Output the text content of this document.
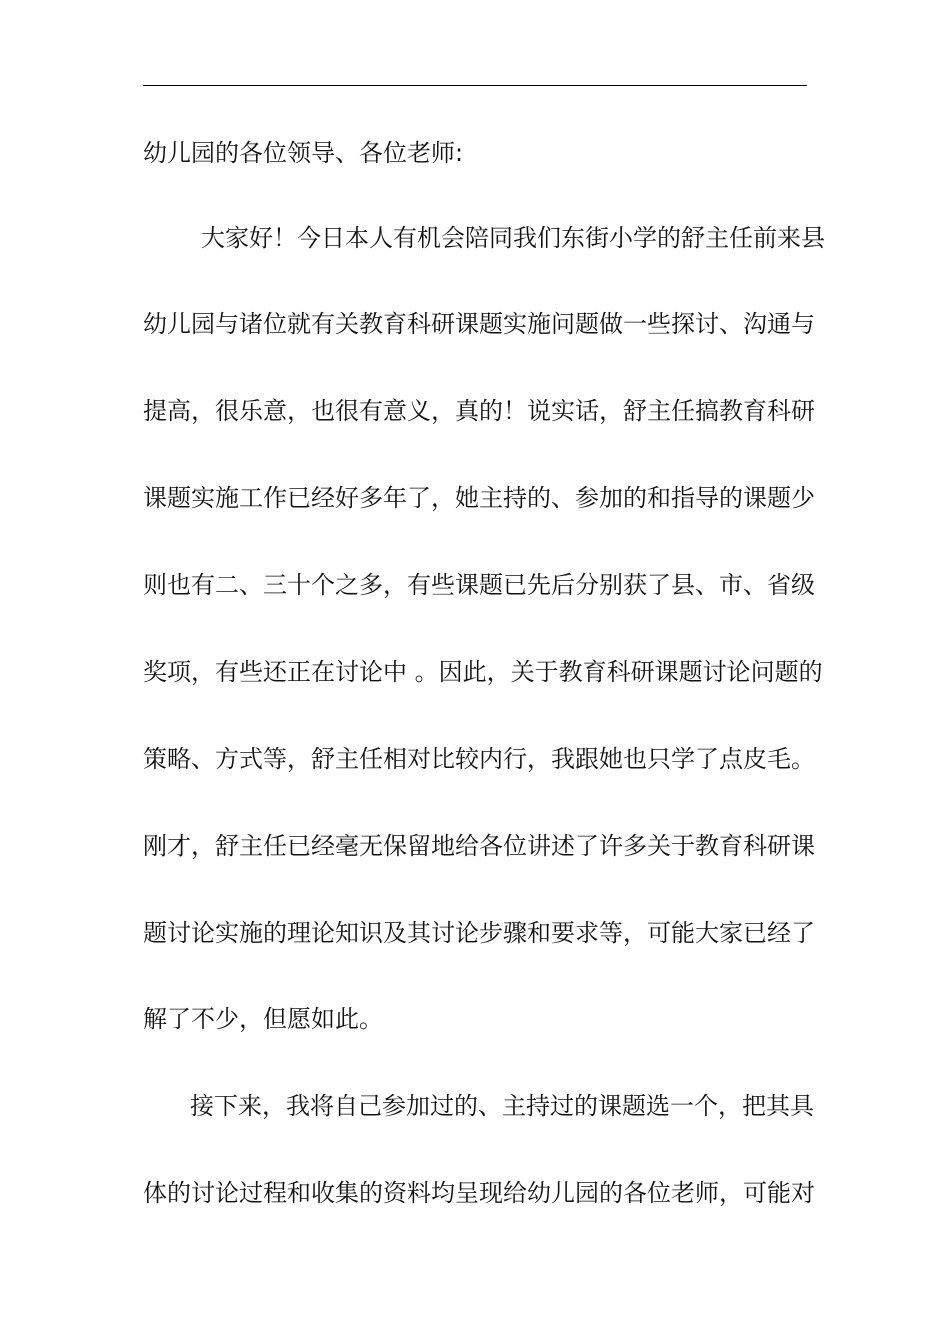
幼儿园的各位领导、各位老师:
大家好！今日本人有机会陪同我们东街小学的舒主任前来县
幼儿园与诸位就有关教育科研课题实施问题做一些探讨、沟通与
提高，很乐意，也很有意义，真的！说实话，舒主任搞教育科研
课题实施工作已经好多年了，她主持的、参加的和指导的课题少
则也有二、三十个之多，有些课题已先后分别获了县、市、省级
奖项，有些还正在讨论中 。因此，关于教育科研课题讨论问题的
策略、方式等，舒主任相对比较内行，我跟她也只学了点皮毛。
刚才，舒主任已经毫无保留地给各位讲述了许多关于教育科研课
题讨论实施的理论知识及其讨论步骤和要求等，可能大家已经了
解了不少，但愿如此。
接下来，我将自己参加过的、主持过的课题选一个，把其具
体的讨论过程和收集的资料均呈现给幼儿园的各位老师，可能对
